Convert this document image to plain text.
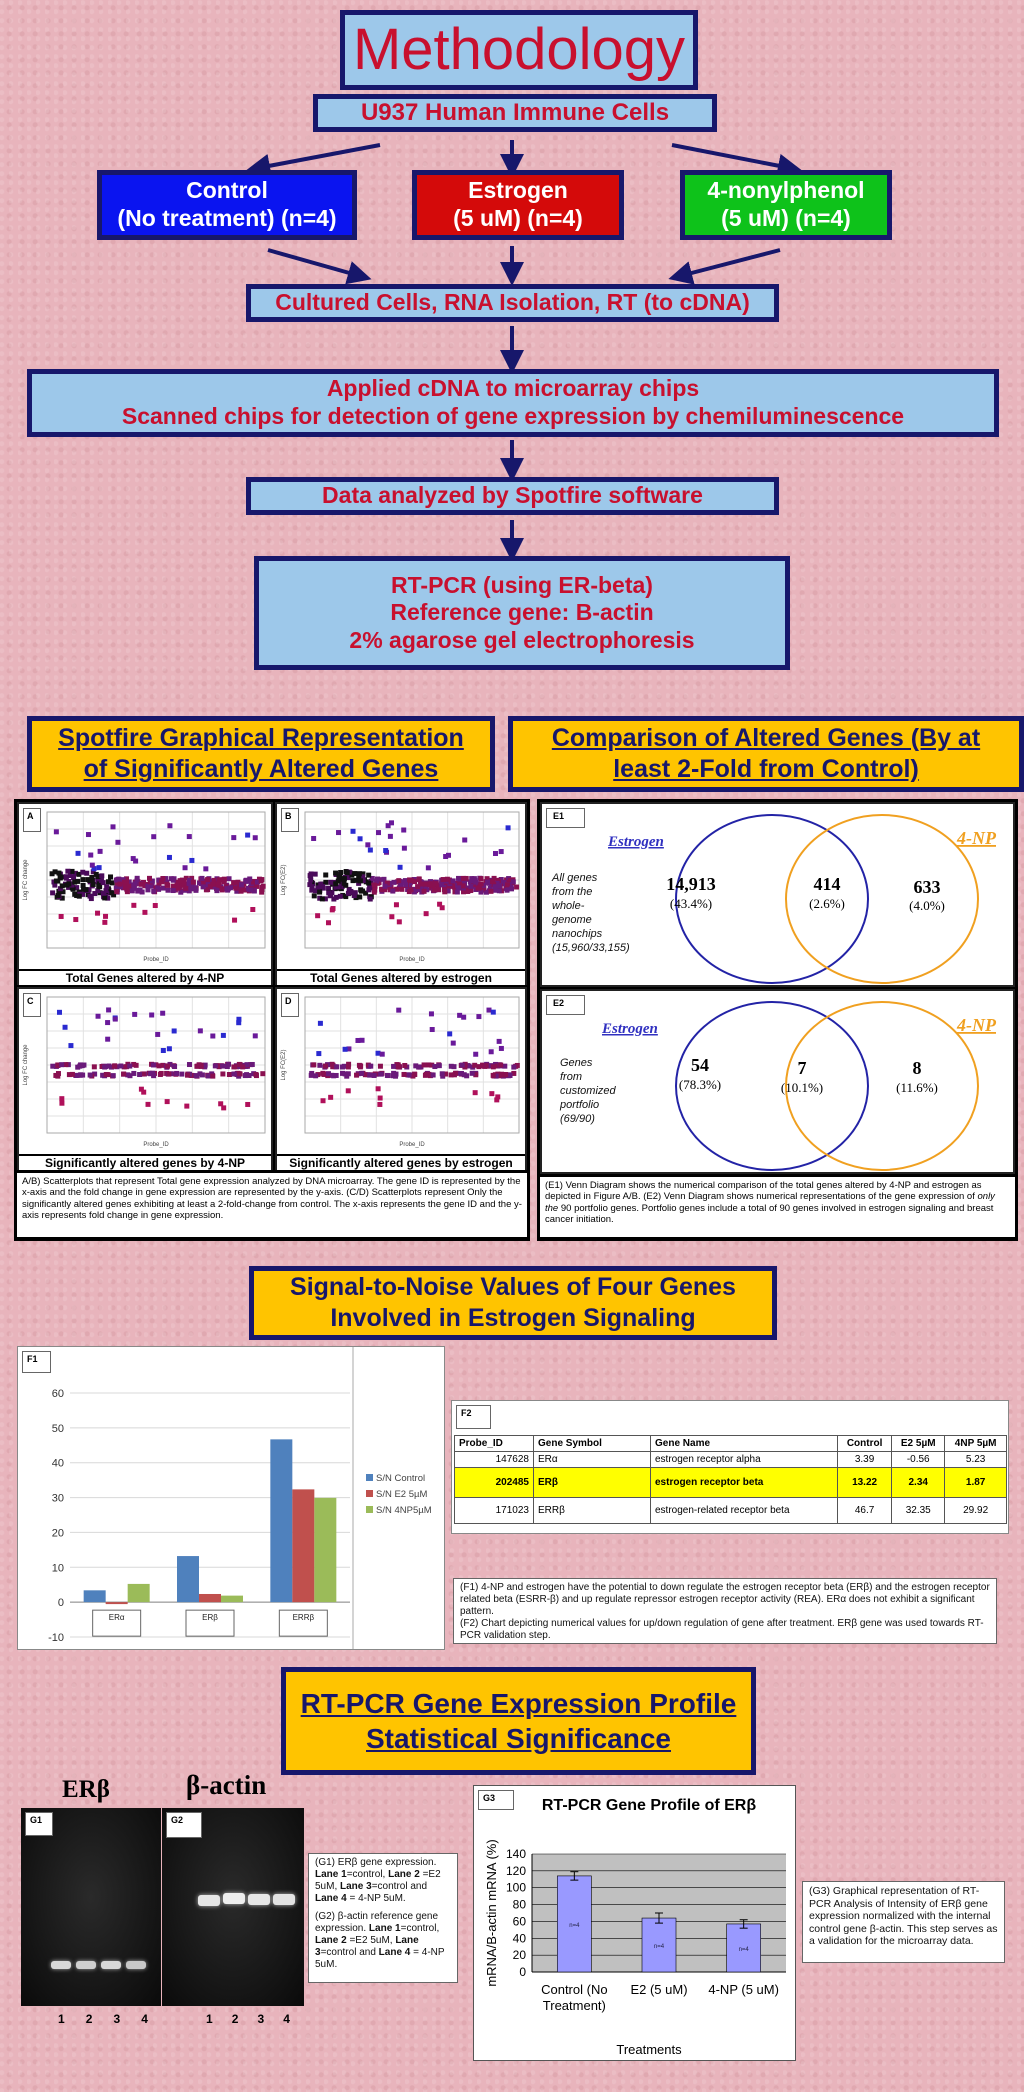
Methodology
U937 Human Immune Cells
Control
(No treatment) (n=4)
Estrogen
(5 uM) (n=4)
4-nonylphenol
(5 uM) (n=4)
Cultured Cells, RNA Isolation, RT (to cDNA)
Applied cDNA to microarray chips
Scanned chips for detection of gene expression by chemiluminescence
Data analyzed by Spotfire software
RT-PCR (using ER-beta)
Reference gene: B-actin
2% agarose gel electrophoresis
Spotfire Graphical Representation
of Significantly Altered Genes
Comparison of Altered Genes (By at
least 2-Fold from Control)
Probe_ID
Log FC change
A
Total Genes altered by 4-NP
Probe_ID
Log FC(E2)
B
Total Genes altered by estrogen
Probe_ID
Log FC change
C
Significantly altered genes by 4-NP
Probe_ID
Log FC(E2)
D
Significantly altered genes by estrogen
A/B) Scatterplots that represent Total gene expression analyzed by DNA microarray. The gene ID is represented by the x-axis and the fold change in gene expression are represented by the y-axis. (C/D) Scatterplots represent Only the significantly altered genes exhibiting at least a 2-fold-change from control. The x-axis represents the gene ID and the y-axis represents fold change in gene expression.
Estrogen	4-NP
All genes
from the
whole-
genome
nanochips
(15,960/33,155)
14,913
(43.4%)
414
(2.6%)
633
(4.0%)
E1
Estrogen	4-NP
Genes
from
customized
portfolio
(69/90)
54
(78.3%)
7
(10.1%)
8
(11.6%)
E2
(E1) Venn Diagram shows the numerical comparison of the total genes altered by 4-NP and estrogen as depicted in Figure A/B. (E2) Venn Diagram shows numerical representations of the gene expression of only the 90 portfolio genes. Portfolio genes include a total of 90 genes involved in estrogen signaling and breast cancer initiation.
Signal-to-Noise Values of Four Genes
Involved in Estrogen Signaling
-10
0
10
20
30
40
50
60
ERα	ERβ	ERRβ
S/N Control
S/N E2 5µM
S/N 4NP5µM
F1
F2
Probe_ID	Gene Symbol	Gene Name	Control	E2 5µM	4NP 5µM
147628	ERα	estrogen receptor alpha	3.39	-0.56	5.23
202485	ERβ	estrogen receptor beta	13.22	2.34	1.87
171023	ERRβ	estrogen-related receptor beta	46.7	32.35	29.92
(F1) 4-NP and estrogen have the potential to down regulate the estrogen receptor beta (ERβ) and the estrogen receptor related beta (ESRR-β) and up regulate repressor estrogen receptor activity (REA). ERα does not exhibit a significant pattern.
(F2) Chart depicting numerical values for up/down regulation of gene after treatment. ERβ gene was used towards RT-PCR validation step.
RT-PCR Gene Expression Profile
Statistical Significance
ERβ	β-actin
G1	G2
1 2 3 4	1 2 3 4
(G1) ERβ gene expression. Lane 1=control, Lane 2 =E2 5uM, Lane 3=control and Lane 4 = 4-NP 5uM.
(G2) β-actin reference gene expression. Lane 1=control, Lane 2 =E2 5uM, Lane 3=control and Lane 4 = 4-NP 5uM.
RT-PCR Gene Profile of ERβ
0
20
40
60
80
100
120
140
n=4
Control (No
Treatment)
n=4
E2 (5 uM)
n=4
4-NP (5 uM)
Treatments
mRNA/B-actin mRNA (%)
G3
(G3) Graphical representation of RT-PCR Analysis of Intensity of ERβ gene expression normalized with the internal control gene β-actin. This step serves as a validation for the microarray data.
